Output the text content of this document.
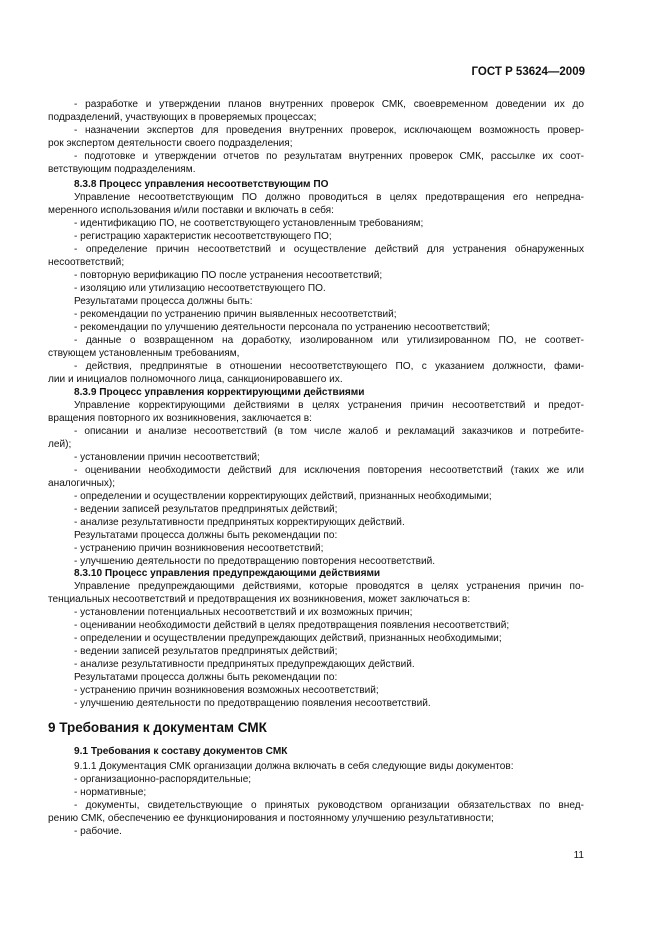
ГОСТ Р 53624—2009
- разработке и утверждении планов внутренних проверок СМК, своевременном доведении их до
подразделений, участвующих в проверяемых процессах;
- назначении экспертов для проведения внутренних проверок, исключающем возможность провер-
рок экспертом деятельности своего подразделения;
- подготовке и утверждении отчетов по результатам внутренних проверок СМК, рассылке их соот-
ветствующим подразделениям.
8.3.8 Процесс управления несоответствующим ПО
Управление несоответствующим ПО должно проводиться в целях предотвращения его непредна-
меренного использования и/или поставки и включать в себя:
- идентификацию ПО, не соответствующего установленным требованиям;
- регистрацию характеристик несоответствующего ПО;
- определение причин несоответствий и осуществление действий для устранения обнаруженных
несоответствий;
- повторную верификацию ПО после устранения несоответствий;
- изоляцию или утилизацию несоответствующего ПО.
Результатами процесса должны быть:
- рекомендации по устранению причин выявленных несоответствий;
- рекомендации по улучшению деятельности персонала по устранению несоответствий;
- данные о возвращенном на доработку, изолированном или утилизированном ПО, не соответ-
ствующем установленным требованиям,
- действия, предпринятые в отношении несоответствующего ПО, с указанием должности, фами-
лии и инициалов полномочного лица, санкционировавшего их.
8.3.9 Процесс управления корректирующими действиями
Управление корректирующими действиями в целях устранения причин несоответствий и предот-
вращения повторного их возникновения, заключается в:
- описании и анализе несоответствий (в том числе жалоб и рекламаций заказчиков и потребите-
лей);
- установлении причин несоответствий;
- оценивании необходимости действий для исключения повторения несоответствий (таких же или
аналогичных);
- определении и осуществлении корректирующих действий, признанных необходимыми;
- ведении записей результатов предпринятых действий;
- анализе результативности предпринятых корректирующих действий.
Результатами процесса должны быть рекомендации по:
- устранению причин возникновения несоответствий;
- улучшению деятельности по предотвращению повторения несоответствий.
8.3.10 Процесс управления предупреждающими действиями
Управление предупреждающими действиями, которые проводятся в целях устранения причин по-
тенциальных несоответствий и предотвращения их возникновения, может заключаться в:
- установлении потенциальных несоответствий и их возможных причин;
- оценивании необходимости действий в целях предотвращения появления несоответствий;
- определении и осуществлении предупреждающих действий, признанных необходимыми;
- ведении записей результатов предпринятых действий;
- анализе результативности предпринятых предупреждающих действий.
Результатами процесса должны быть рекомендации по:
- устранению причин возникновения возможных несоответствий;
- улучшению деятельности по предотвращению появления несоответствий.
9.1 Требования к составу документов СМК
9.1.1 Документация СМК организации должна включать в себя следующие виды документов:
- организационно-распорядительные;
- нормативные;
- документы, свидетельствующие о принятых руководством организации обязательствах по внед-
рению СМК, обеспечению ее функционирования и постоянному улучшению результативности;
- рабочие.
9 Требования к документам СМК
11
